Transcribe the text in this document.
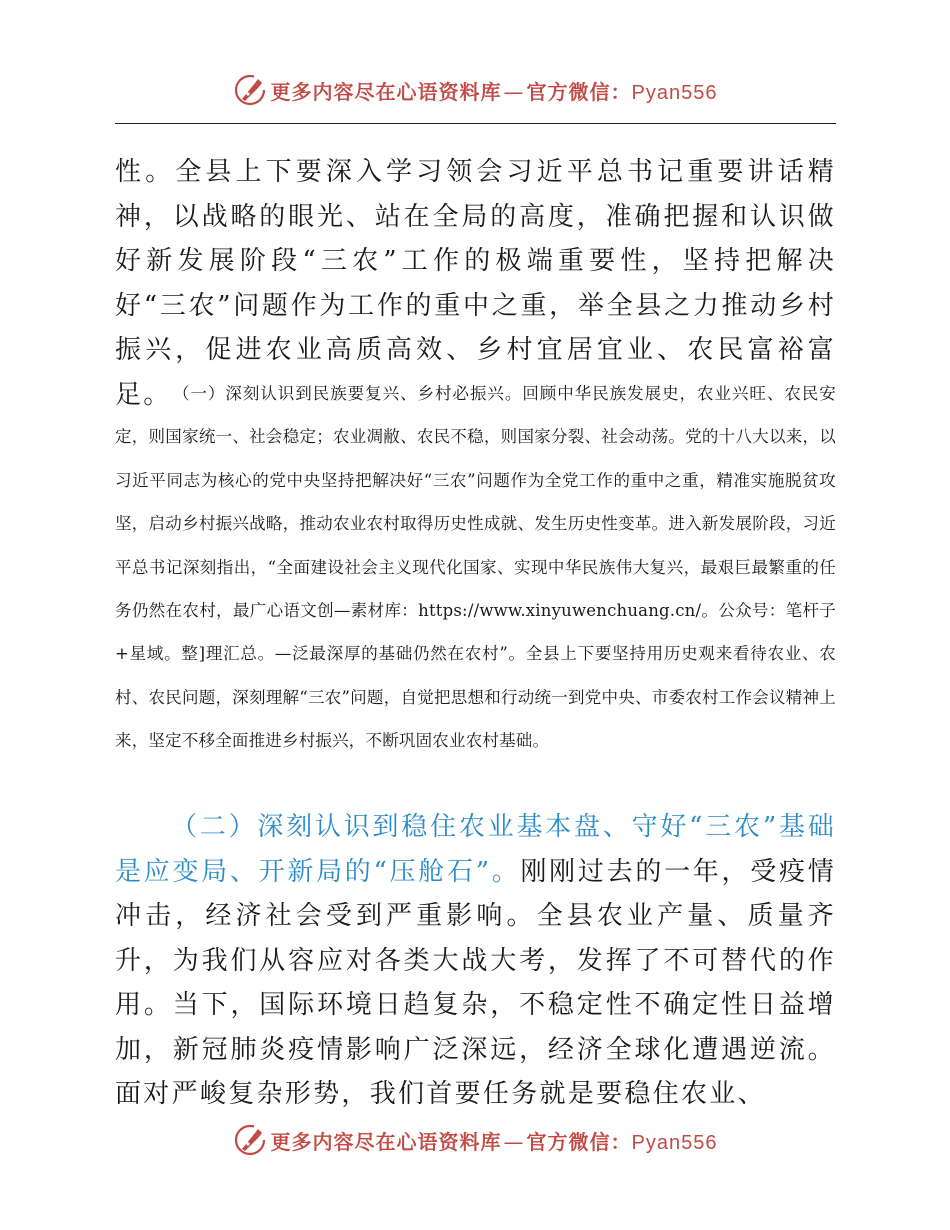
更多内容尽在心语资料库 — 官方微信：Pyan556

性。全县上下要深入学习领会习近平总书记重要讲话精神，以战略的眼光、站在全局的高度，准确把握和认识做好新发展阶段“三农”工作的极端重要性，坚持把解决好“三农”问题作为工作的重中之重，举全县之力推动乡村振兴，促进农业高质高效、乡村宜居宜业、农民富裕富足。 （一）深刻认识到民族要复兴、乡村必振兴。回顾中华民族发展史，农业兴旺、农民安定，则国家统一、社会稳定；农业凋敝、农民不稳，则国家分裂、社会动荡。党的十八大以来，以习近平同志为核心的党中央坚持把解决好“三农”问题作为全党工作的重中之重，精准实施脱贫攻坚，启动乡村振兴战略，推动农业农村取得历史性成就、发生历史性变革。进入新发展阶段，习近平总书记深刻指出，“全面建设社会主义现代化国家、实现中华民族伟大复兴，最艰巨最繁重的任务仍然在农村，最广心语文创—素材库：https://www.xinyuwenchuang.cn/。公众号：笔杆子+星域。整]理汇总。—泛最深厚的基础仍然在农村”。全县上下要坚持用历史观来看待农业、农村、农民问题，深刻理解“三农”问题，自觉把思想和行动统一到党中央、市委农村工作会议精神上来，坚定不移全面推进乡村振兴，不断巩固农业农村基础。

（二）深刻认识到稳住农业基本盘、守好“三农”基础是应变局、开新局的“压舱石”。刚刚过去的一年，受疫情冲击，经济社会受到严重影响。全县农业产量、质量齐升，为我们从容应对各类大战大考，发挥了不可替代的作用。当下，国际环境日趋复杂，不稳定性不确定性日益增加，新冠肺炎疫情影响广泛深远，经济全球化遭遇逆流。面对严峻复杂形势，我们首要任务就是要稳住农业、

更多内容尽在心语资料库 — 官方微信：Pyan556
